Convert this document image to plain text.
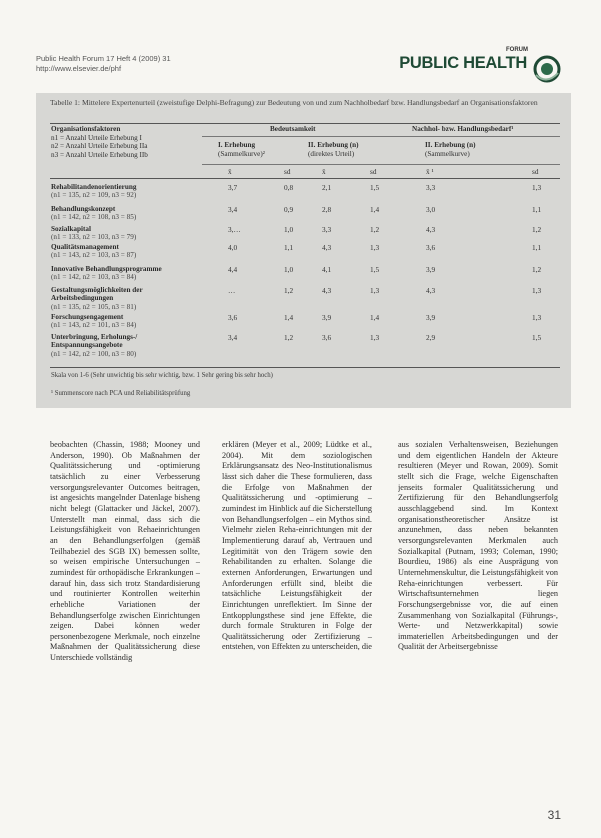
Public Health Forum 17 Heft 4 (2009) 31
http://www.elsevier.de/phf
FORUM
PUBLIC HEALTH
Tabelle 1: Mittelere Expertenurteil (zweistufige Delphi-Befragung) zur Bedeutung von und zum Nachholbedarf bzw. Handlungsbedarf an Organisationsfaktoren
Organisationsfaktoren
n1 = Anzahl Urteile Erhebung I
n2 = Anzahl Urteile Erhebung IIa
n3 = Anzahl Urteile Erhebung IIb
Bedeutsamkeit	Nachhol- bzw. Handlungsbedarf¹
I. Erhebung
(Sammelkurve)²
II. Erhebung (n)
(direktes Urteil)
II. Erhebung (n)
(Sammelkurve)
x̄	sd	x̄	sd	x̄ ¹	sd
Rehabilitandenorientierung
(n1 = 135, n2 = 109, n3 = 92)
3,7	0,8	2,1	1,5	3,3	1,3
Behandlungskonzept
(n1 = 142, n2 = 108, n3 = 85)
3,4	0,9	2,8	1,4	3,0	1,1
Sozialkapital
(n1 = 133, n2 = 103, n3 = 79)
3,…	1,0	3,3	1,2	4,3	1,2
Qualitätsmanagement
(n1 = 143, n2 = 103, n3 = 87)
4,0	1,1	4,3	1,3	3,6	1,1
Innovative Behandlungsprogramme
(n1 = 142, n2 = 103, n3 = 84)
4,4	1,0	4,1	1,5	3,9	1,2
Gestaltungsmöglichkeiten der Arbeitsbedingungen
(n1 = 135, n2 = 105, n3 = 81)
…	1,2	4,3	1,3	4,3	1,3
Forschungsengagement
(n1 = 143, n2 = 101, n3 = 84)
3,6	1,4	3,9	1,4	3,9	1,3
Unterbringung, Erholungs-/ Entspannungsangebote
(n1 = 142, n2 = 100, n3 = 80)
3,4	1,2	3,6	1,3	2,9	1,5
Skala von 1-6 (Sehr unwichtig bis sehr wichtig, bzw. 1 Sehr gering bis sehr hoch)
¹ Summenscore nach PCA und Reliabilitätsprüfung

beobachten (Chassin, 1988; Mooney und Anderson, 1990). Ob Maßnahmen der Qualitätssicherung und -optimierung tatsächlich zu einer Verbesserung versorgungsrelevanter Outcomes beitragen, ist angesichts mangelnder Datenlage bisheng nicht belegt (Glattacker und Jäckel, 2007). Unterstellt man einmal, dass sich die Leistungsfähigkeit von Rehaeinrichtungen an den Behandlungserfolgen (gemäß Teilhabeziel des SGB IX) bemessen sollte, so weisen empirische Untersuchungen – zumindest für orthopädische Erkrankungen – darauf hin, dass sich trotz Standardisierung und routinierter Kontrollen weiterhin erhebliche Variationen der Behandlungserfolge zwischen Einrichtungen zeigen. Dabei können weder personenbezogene Merkmale, noch einzelne Maßnahmen der Qualitätssicherung diese Unterschiede vollständig

erklären (Meyer et al., 2009; Lüdtke et al., 2004). Mit dem soziologischen Erklärungsansatz des Neo-Institutionalismus lässt sich daher die These formulieren, dass die Erfolge von Maßnahmen der Qualitätssicherung und -optimierung – zumindest im Hinblick auf die Sicherstellung von Behandlungserfolgen – ein Mythos sind. Vielmehr zielen Reha-einrichtungen mit der Implementierung darauf ab, Vertrauen und Legitimität von den Trägern sowie den Rehabilitanden zu erhalten. Solange die externen Anforderungen, Erwartungen und Anforderungen erfüllt sind, bleibt die tatsächliche Leistungsfähigkeit der Einrichtungen unreflektiert. Im Sinne der Entkopplungsthese sind jene Effekte, die durch formale Strukturen in Folge der Qualitätssicherung oder Zertifizierung – entstehen, von Effekten zu unterscheiden, die

aus sozialen Verhaltensweisen, Beziehungen und dem eigentlichen Handeln der Akteure resultieren (Meyer und Rowan, 2009). Somit stellt sich die Frage, welche Eigenschaften jenseits formaler Qualitätssicherung und Zertifizierung für den Behandlungserfolg ausschlaggebend sind. Im Kontext organisationstheoretischer Ansätze ist anzunehmen, dass neben bekannten versorgungsrelevanten Merkmalen auch Sozialkapital (Putnam, 1993; Coleman, 1990; Bourdieu, 1986) als eine Ausprägung von Unternehmenskultur, die Leistungsfähigkeit von Reha-einrichtungen verbessert. Für Wirtschaftsunternehmen liegen Forschungsergebnisse vor, die auf einen Zusammenhang von Sozialkapital (Führungs-, Werte- und Netzwerkkapital) sowie immateriellen Arbeitsbedingungen und der Qualität der Arbeitsergebnisse

31
